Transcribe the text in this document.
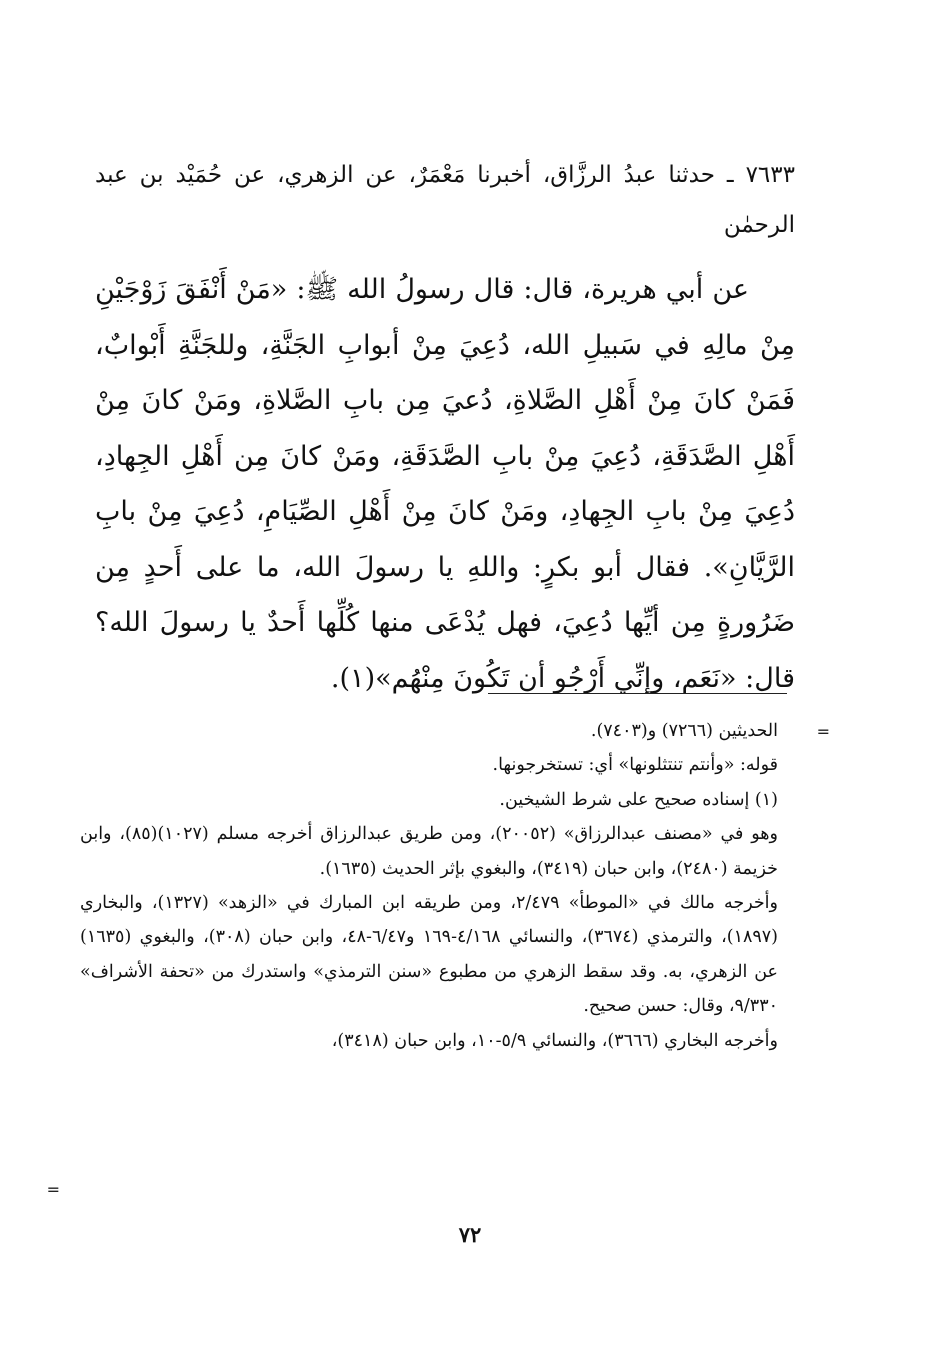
٧٦٣٣ ـ حدثنا عبدُ الرزَّاق، أخبرنا مَعْمَرٌ، عن الزهري، عن حُمَيْد بن عبد الرحمٰن

عن أبي هريرة، قال: قال رسولُ الله ﷺ: «مَنْ أَنْفَقَ زَوْجَيْنِ مِنْ مالِهِ في سَبيلِ الله، دُعِيَ مِنْ أبوابِ الجَنَّةِ، وللجَنَّةِ أَبْوابٌ، فَمَنْ كانَ مِنْ أَهْلِ الصَّلاةِ، دُعيَ مِن بابِ الصَّلاةِ، ومَنْ كانَ مِنْ أَهْلِ الصَّدَقَةِ، دُعِيَ مِنْ بابِ الصَّدَقَةِ، ومَنْ كانَ مِن أَهْلِ الجِهادِ، دُعِيَ مِنْ بابِ الجِهادِ، ومَنْ كانَ مِنْ أَهْلِ الصِّيَامِ، دُعِيَ مِنْ بابِ الرَّيَّانِ». فقال أبو بكرٍ: واللهِ يا رسولَ الله، ما على أَحدٍ مِن ضَرُورةٍ مِن أيِّها دُعِيَ، فهل يُدْعَى منها كُلِّها أَحدٌ يا رسولَ الله؟ قال: «نَعَم، وإنِّي أَرْجُو أن تَكُونَ مِنْهُم»(١).

=

الحديثين (٧٢٦٦) و(٧٤٠٣).

قوله: «وأنتم تنتثلونها» أي: تستخرجونها.

(١) إسناده صحيح على شرط الشيخين.

وهو في «مصنف عبدالرزاق» (٢٠٠٥٢)، ومن طريق عبدالرزاق أخرجه مسلم (١٠٢٧)(٨٥)، وابن خزيمة (٢٤٨٠)، وابن حبان (٣٤١٩)، والبغوي بإثر الحديث (١٦٣٥).

وأخرجه مالك في «الموطأ» ٢/٤٧٩، ومن طريقه ابن المبارك في «الزهد» (١٣٢٧)، والبخاري (١٨٩٧)، والترمذي (٣٦٧٤)، والنسائي ٤/١٦٨-١٦٩ و٦/٤٧-٤٨، وابن حبان (٣٠٨)، والبغوي (١٦٣٥) عن الزهري، به. وقد سقط الزهري من مطبوع «سنن الترمذي» واستدرك من «تحفة الأشراف» ٩/٣٣٠، وقال: حسن صحيح.

وأخرجه البخاري (٣٦٦٦)، والنسائي ٥/٩-١٠، وابن حبان (٣٤١٨)،

=
٧٢
